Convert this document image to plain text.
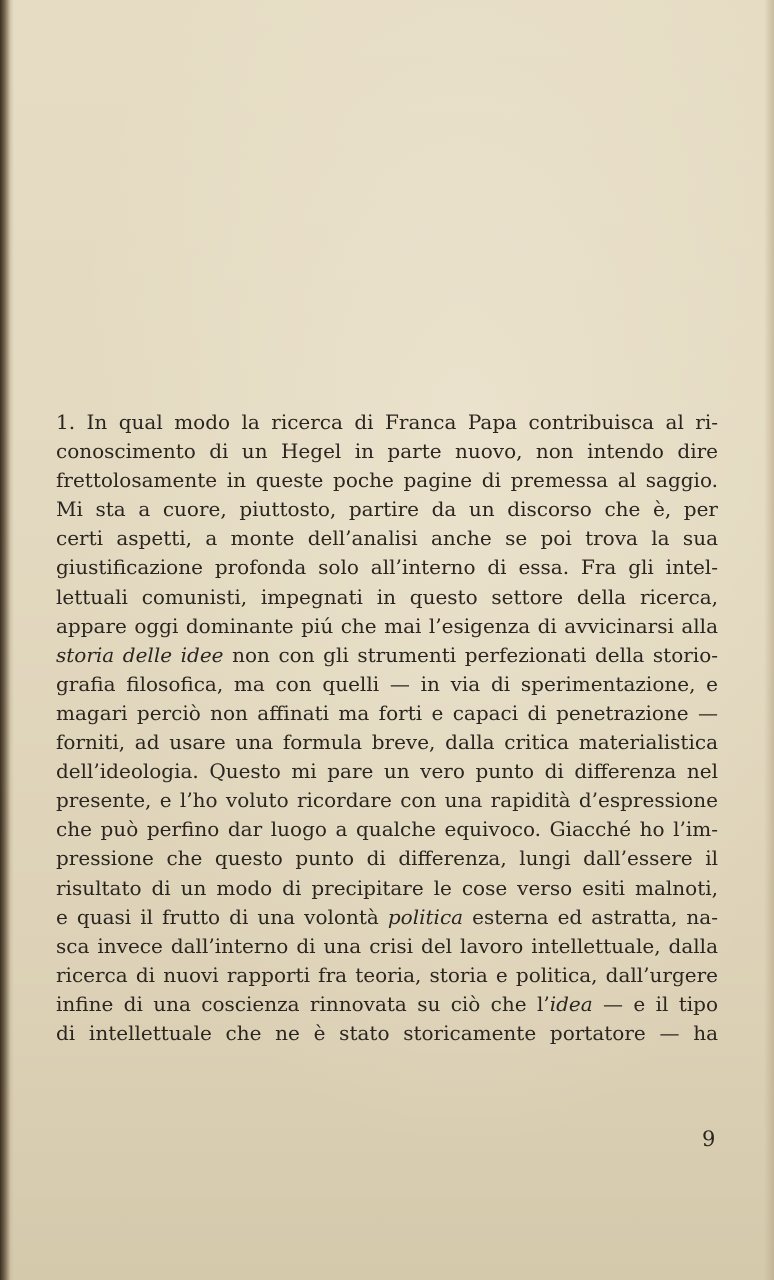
1. In qual modo la ricerca di Franca Papa contribuisca al ri-
conoscimento di un Hegel in parte nuovo, non intendo dire
frettolosamente in queste poche pagine di premessa al saggio.
Mi sta a cuore, piuttosto, partire da un discorso che è, per
certi aspetti, a monte dell’analisi anche se poi trova la sua
giustificazione profonda solo all’interno di essa. Fra gli intel-
lettuali comunisti, impegnati in questo settore della ricerca,
appare oggi dominante piú che mai l’esigenza di avvicinarsi alla
storia delle idee non con gli strumenti perfezionati della storio-
grafia filosofica, ma con quelli — in via di sperimentazione, e
magari perciò non affinati ma forti e capaci di penetrazione —
forniti, ad usare una formula breve, dalla critica materialistica
dell’ideologia. Questo mi pare un vero punto di differenza nel
presente, e l’ho voluto ricordare con una rapidità d’espressione
che può perfino dar luogo a qualche equivoco. Giacché ho l’im-
pressione che questo punto di differenza, lungi dall’essere il
risultato di un modo di precipitare le cose verso esiti malnoti,
e quasi il frutto di una volontà politica esterna ed astratta, na-
sca invece dall’interno di una crisi del lavoro intellettuale, dalla
ricerca di nuovi rapporti fra teoria, storia e politica, dall’urgere
infine di una coscienza rinnovata su ciò che l’idea — e il tipo
di intellettuale che ne è stato storicamente portatore — ha
9
